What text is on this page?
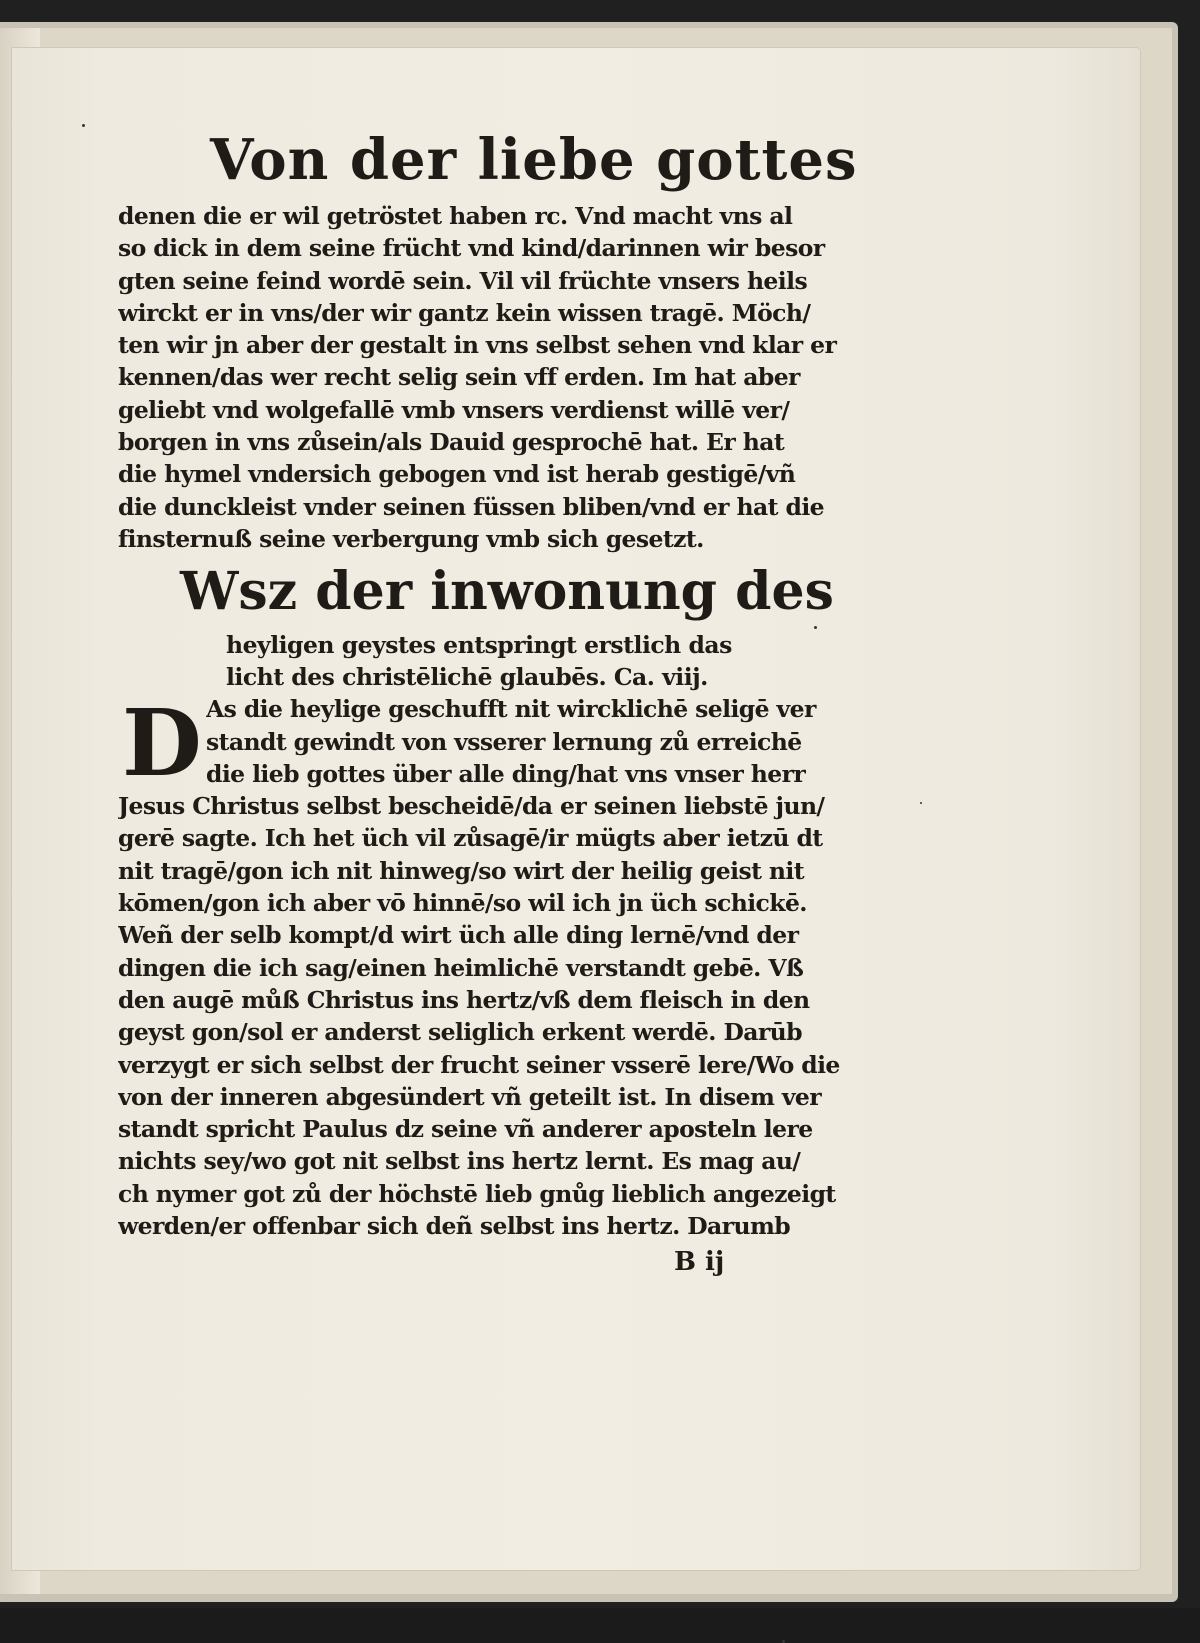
Von der liebe gottes
denen die er wil getröstet haben rc. Vnd macht vns al
so dick in dem seine frücht vnd kind/darinnen wir besor
gten seine feind wordē sein. Vil vil früchte vnsers heils
wirckt er in vns/der wir gantz kein wissen tragē. Möch/
ten wir jn aber der gestalt in vns selbst sehen vnd klar er
kennen/das wer recht selig sein vff erden. Im hat aber
geliebt vnd wolgefallē vmb vnsers verdienst willē ver/
borgen in vns zůsein/als Dauid gesprochē hat. Er hat
die hymel vndersich gebogen vnd ist herab gestigē/vñ
die dunckleist vnder seinen füssen bliben/vnd er hat die
finsternuß seine verbergung vmb sich gesetzt.
Wsz der inwonung des
heyligen geystes entspringt erstlich das
licht des christēlichē glaubēs. Ca. viij.
D As die heylige geschufft nit wircklichē seligē ver
standt gewindt von vsserer lernung zů erreichē
die lieb gottes über alle ding/hat vns vnser herr
Jesus Christus selbst bescheidē/da er seinen liebstē jun/
gerē sagte. Ich het üch vil zůsagē/ir mügts aber ietzū dt
nit tragē/gon ich nit hinweg/so wirt der heilig geist nit
kōmen/gon ich aber vō hinnē/so wil ich jn üch schickē.
Weñ der selb kompt/d wirt üch alle ding lernē/vnd der
dingen die ich sag/einen heimlichē verstandt gebē. Vß
den augē můß Christus ins hertz/vß dem fleisch in den
geyst gon/sol er anderst seliglich erkent werdē. Darūb
verzygt er sich selbst der frucht seiner vsserē lere/Wo die
von der inneren abgesündert vñ geteilt ist. In disem ver
standt spricht Paulus dz seine vñ anderer aposteln lere
nichts sey/wo got nit selbst ins hertz lernt. Es mag au/
ch nymer got zů der höchstē lieb gnůg lieblich angezeigt
werden/er offenbar sich deñ selbst ins hertz. Darumb
B ij
